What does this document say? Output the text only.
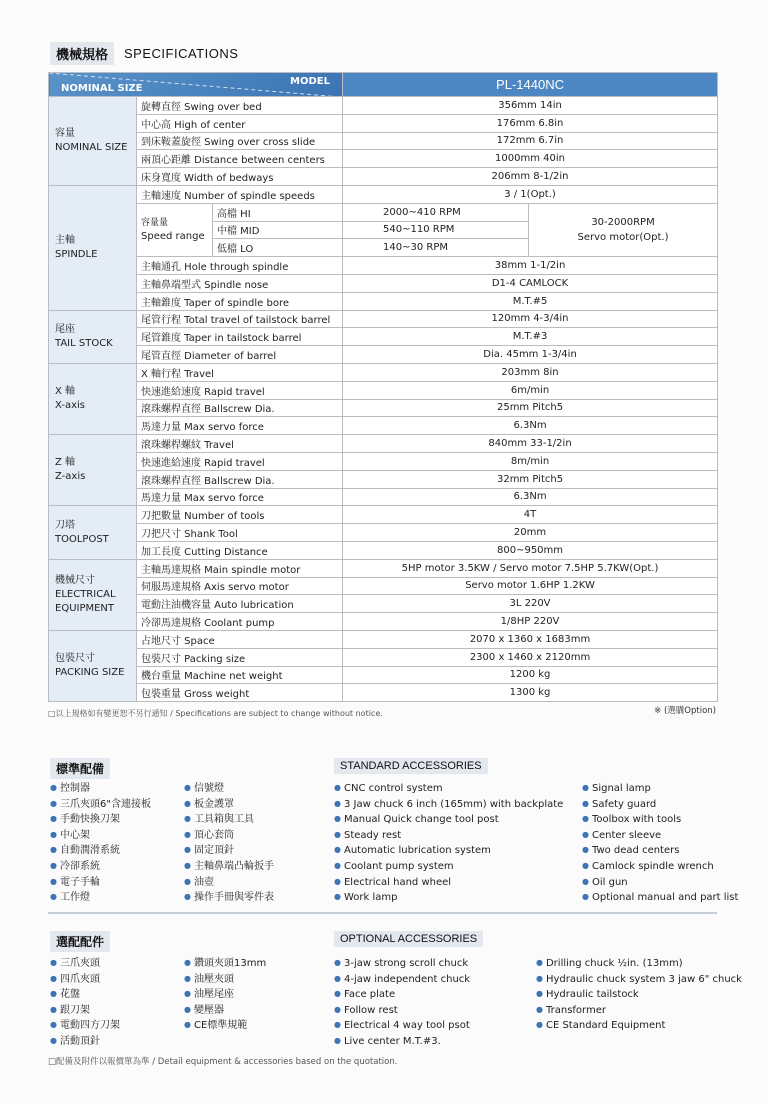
機械規格	SPECIFICATIONS
MODEL
NOMINAL SIZE			PL-1440NC	
容量
NOMINAL SIZE	旋轉直徑 Swing over bed		356mm 14in	
	中心高 High of center		176mm 6.8in	
	到床鞍蓋旋徑 Swing over cross slide		172mm 6.7in	
	兩頂心距離 Distance between centers		1000mm 40in	
	床身寬度 Width of bedways		206mm 8-1/2in	
主軸
SPINDLE	主軸速度 Number of spindle speeds		3 / 1(Opt.)	
	容量量
Speed range	高檔 HI	2000~410 RPM	30-2000RPM
Servo motor(Opt.)
		中檔 MID	540~110 RPM	
		低檔 LO	140~30 RPM	
	主軸通孔 Hole through spindle		38mm 1-1/2in	
	主軸鼻端型式 Spindle nose		D1-4 CAMLOCK	
	主軸錐度 Taper of spindle bore		M.T.#5	
尾座
TAIL STOCK	尾管行程 Total travel of tailstock barrel		120mm 4-3/4in	
	尾管錐度 Taper in tailstock barrel		M.T.#3	
	尾管直徑 Diameter of barrel		Dia. 45mm 1-3/4in	
X 軸
X-axis	X 軸行程 Travel		203mm 8in	
	快速進給速度 Rapid travel		6m/min	
	滾珠螺桿直徑 Ballscrew Dia.		25mm Pitch5	
	馬達力量 Max servo force		6.3Nm	
Z 軸
Z-axis	滾珠螺桿螺紋 Travel		840mm 33-1/2in	
	快速進給速度 Rapid travel		8m/min	
	滾珠螺桿直徑 Ballscrew Dia.		32mm Pitch5	
	馬達力量 Max servo force		6.3Nm	
刀塔
TOOLPOST	刀把數量 Number of tools		4T	
	刀把尺寸 Shank Tool		20mm	
	加工長度 Cutting Distance		800~950mm	
機械尺寸
ELECTRICAL
EQUIPMENT	主軸馬達規格 Main spindle motor		5HP motor 3.5KW / Servo motor 7.5HP 5.7KW(Opt.)	
	伺服馬達規格 Axis servo motor		Servo motor 1.6HP 1.2KW	
	電動注油機容量 Auto lubrication		3L 220V	
	冷卻馬達規格 Coolant pump		1/8HP 220V	
包裝尺寸
PACKING SIZE	占地尺寸 Space		2070 x 1360 x 1683mm	
	包裝尺寸 Packing size		2300 x 1460 x 2120mm	
	機台重量 Machine net weight		1200 kg	
	包裝重量 Gross weight		1300 kg	
□以上規格如有變更恕不另行通知 / Specifications are subject to change without notice.	※ (選購Option)
標準配備	STANDARD ACCESSORIES
● 控制器
● 三爪夾頭6"含連接板
● 手動快換刀架
● 中心架
● 自動潤滑系統
● 冷卻系統
● 電子手輪
● 工作燈
● 信號燈
● 板金護罩
● 工具箱與工具
● 頂心套筒
● 固定頂針
● 主軸鼻端凸輪扳手
● 油壺
● 操作手冊與零件表
● CNC control system
● 3 Jaw chuck 6 inch (165mm) with backplate
● Manual Quick change tool post
● Steady rest
● Automatic lubrication system
● Coolant pump system
● Electrical hand wheel
● Work lamp
● Signal lamp
● Safety guard
● Toolbox with tools
● Center sleeve
● Two dead centers
● Camlock spindle wrench
● Oil gun
● Optional manual and part list
選配配件	OPTIONAL ACCESSORIES
● 三爪夾頭
● 四爪夾頭
● 花盤
● 跟刀架
● 電動四方刀架
● 活動頂針
● 鑽頭夾頭13mm
● 油壓夾頭
● 油壓尾座
● 變壓器
● CE標準規範
● 3-jaw strong scroll chuck
● 4-jaw independent chuck
● Face plate
● Follow rest
● Electrical 4 way tool psot
● Live center M.T.#3.
● Drilling chuck ½in. (13mm)
● Hydraulic chuck system 3 jaw 6" chuck
● Hydraulic tailstock
● Transformer
● CE Standard Equipment
□配備及附件以報價單為準 / Detail equipment & accessories based on the quotation.
